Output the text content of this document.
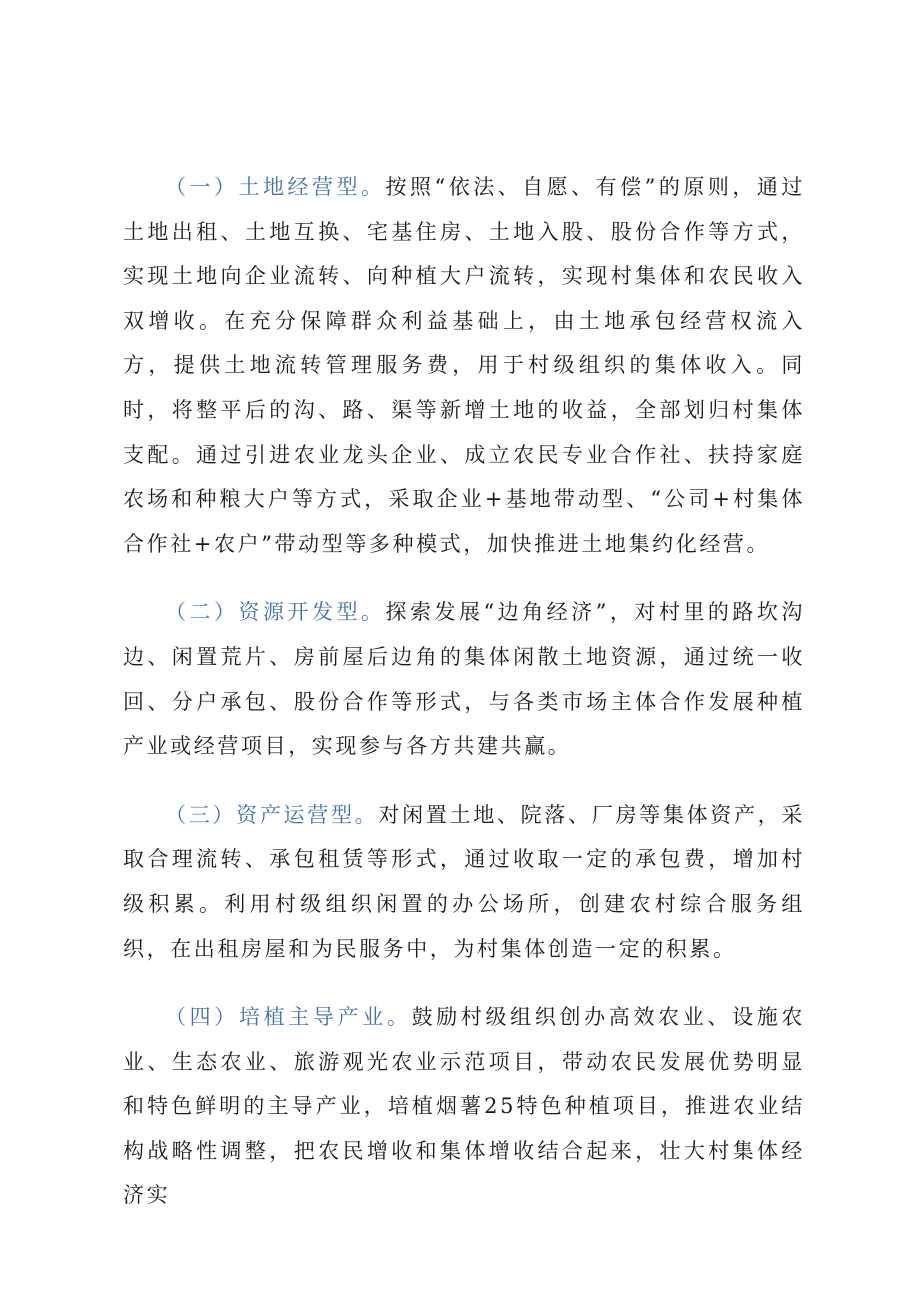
（一）土地经营型。按照“依法、自愿、有偿”的原则，通过土地出租、土地互换、宅基住房、土地入股、股份合作等方式，实现土地向企业流转、向种植大户流转，实现村集体和农民收入双增收。在充分保障群众利益基础上，由土地承包经营权流入方，提供土地流转管理服务费，用于村级组织的集体收入。同时，将整平后的沟、路、渠等新增土地的收益，全部划归村集体支配。通过引进农业龙头企业、成立农民专业合作社、扶持家庭农场和种粮大户等方式，采取企业+基地带动型、“公司+村集体合作社+农户”带动型等多种模式，加快推进土地集约化经营。

（二）资源开发型。探索发展“边角经济”，对村里的路坎沟边、闲置荒片、房前屋后边角的集体闲散土地资源，通过统一收回、分户承包、股份合作等形式，与各类市场主体合作发展种植产业或经营项目，实现参与各方共建共赢。

（三）资产运营型。对闲置土地、院落、厂房等集体资产，采取合理流转、承包租赁等形式，通过收取一定的承包费，增加村级积累。利用村级组织闲置的办公场所，创建农村综合服务组织，在出租房屋和为民服务中，为村集体创造一定的积累。

（四）培植主导产业。鼓励村级组织创办高效农业、设施农业、生态农业、旅游观光农业示范项目，带动农民发展优势明显和特色鲜明的主导产业，培植烟薯25特色种植项目，推进农业结构战略性调整，把农民增收和集体增收结合起来，壮大村集体经济实
